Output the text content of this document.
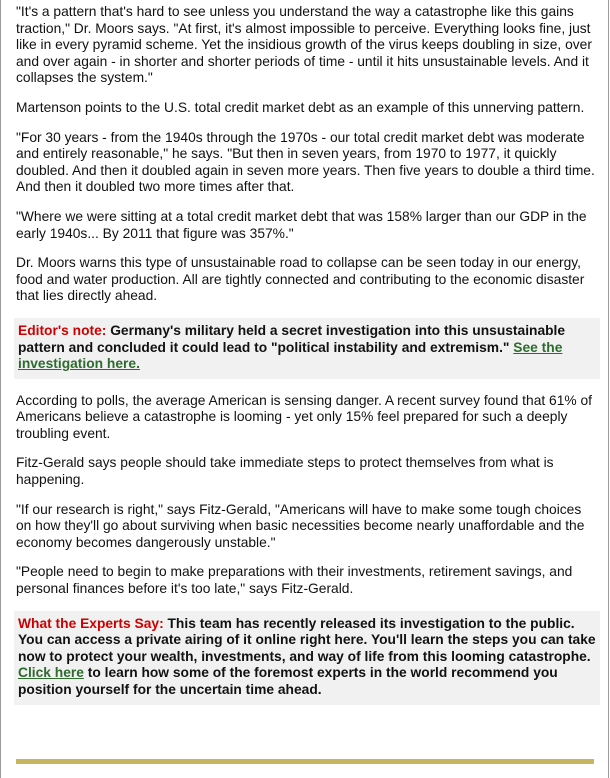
"It's a pattern that's hard to see unless you understand the way a catastrophe like this gains traction," Dr. Moors says. "At first, it's almost impossible to perceive. Everything looks fine, just like in every pyramid scheme. Yet the insidious growth of the virus keeps doubling in size, over and over again - in shorter and shorter periods of time - until it hits unsustainable levels. And it collapses the system."

Martenson points to the U.S. total credit market debt as an example of this unnerving pattern.

"For 30 years - from the 1940s through the 1970s - our total credit market debt was moderate and entirely reasonable," he says. "But then in seven years, from 1970 to 1977, it quickly doubled. And then it doubled again in seven more years. Then five years to double a third time. And then it doubled two more times after that.

"Where we were sitting at a total credit market debt that was 158% larger than our GDP in the early 1940s... By 2011 that figure was 357%."

Dr. Moors warns this type of unsustainable road to collapse can be seen today in our energy, food and water production. All are tightly connected and contributing to the economic disaster that lies directly ahead.

Editor's note: Germany's military held a secret investigation into this unsustainable pattern and concluded it could lead to "political instability and extremism." See the investigation here.

According to polls, the average American is sensing danger. A recent survey found that 61% of Americans believe a catastrophe is looming - yet only 15% feel prepared for such a deeply troubling event.

Fitz-Gerald says people should take immediate steps to protect themselves from what is happening.

"If our research is right," says Fitz-Gerald, "Americans will have to make some tough choices on how they'll go about surviving when basic necessities become nearly unaffordable and the economy becomes dangerously unstable."

"People need to begin to make preparations with their investments, retirement savings, and personal finances before it's too late," says Fitz-Gerald.

What the Experts Say: This team has recently released its investigation to the public. You can access a private airing of it online right here. You'll learn the steps you can take now to protect your wealth, investments, and way of life from this looming catastrophe. Click here to learn how some of the foremost experts in the world recommend you position yourself for the uncertain time ahead.
